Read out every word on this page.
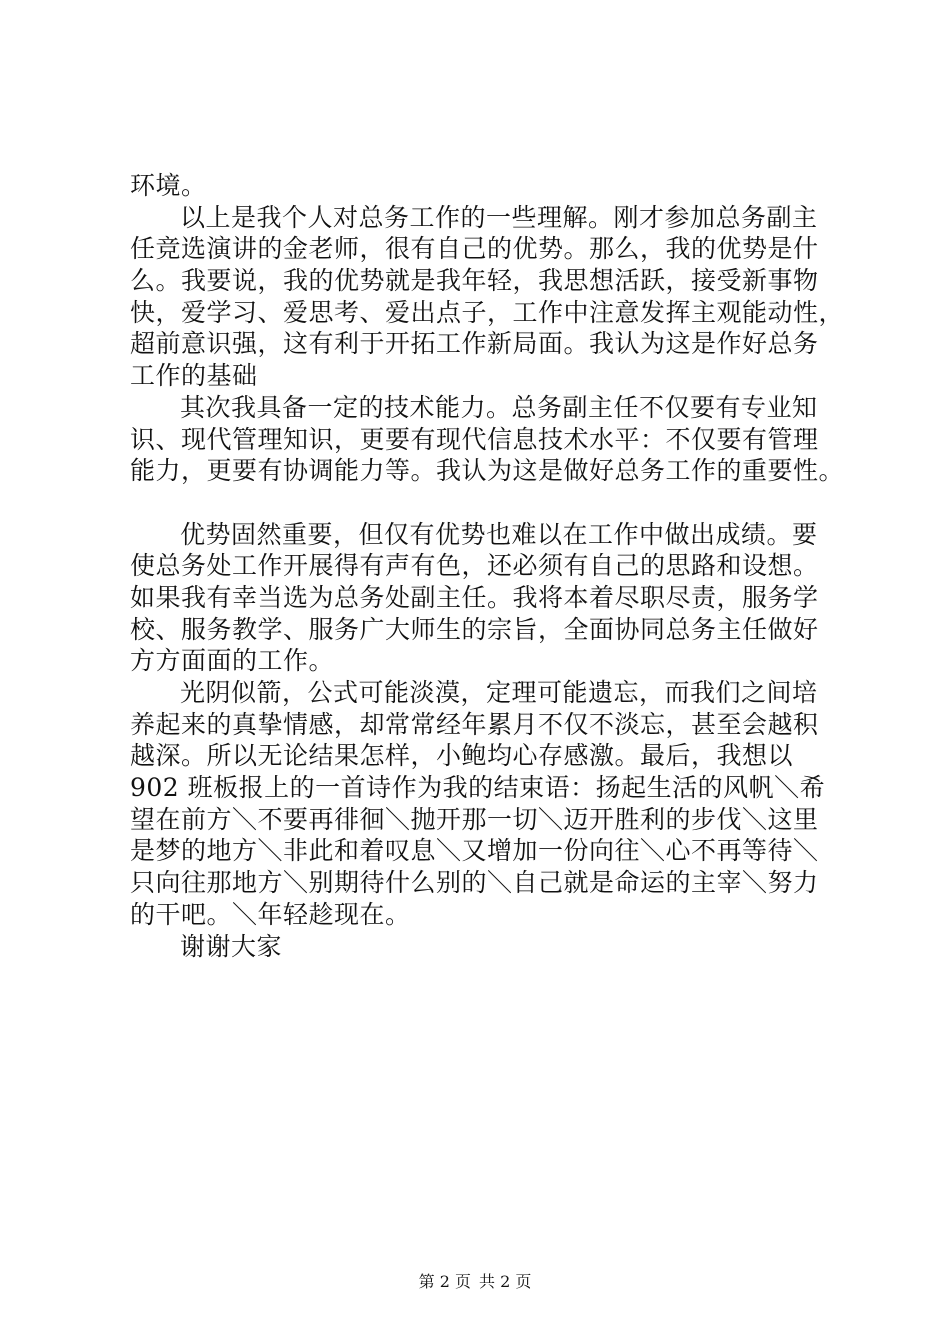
环境。
以上是我个人对总务工作的一些理解。刚才参加总务副主
任竞选演讲的金老师，很有自己的优势。那么，我的优势是什
么。我要说，我的优势就是我年轻，我思想活跃，接受新事物
快，爱学习、爱思考、爱出点子，工作中注意发挥主观能动性，
超前意识强，这有利于开拓工作新局面。我认为这是作好总务
工作的基础
其次我具备一定的技术能力。总务副主任不仅要有专业知
识、现代管理知识，更要有现代信息技术水平：不仅要有管理
能力，更要有协调能力等。我认为这是做好总务工作的重要性。
优势固然重要，但仅有优势也难以在工作中做出成绩。要
使总务处工作开展得有声有色，还必须有自己的思路和设想。
如果我有幸当选为总务处副主任。我将本着尽职尽责，服务学
校、服务教学、服务广大师生的宗旨，全面协同总务主任做好
方方面面的工作。
光阴似箭，公式可能淡漠，定理可能遗忘，而我们之间培
养起来的真挚情感，却常常经年累月不仅不淡忘，甚至会越积
越深。所以无论结果怎样，小鲍均心存感激。最后，我想以
902 班板报上的一首诗作为我的结束语：扬起生活的风帆＼希
望在前方＼不要再徘徊＼抛开那一切＼迈开胜利的步伐＼这里
是梦的地方＼非此和着叹息＼又增加一份向往＼心不再等待＼
只向往那地方＼别期待什么别的＼自己就是命运的主宰＼努力
的干吧。＼年轻趁现在。
谢谢大家
第 2 页 共 2 页
